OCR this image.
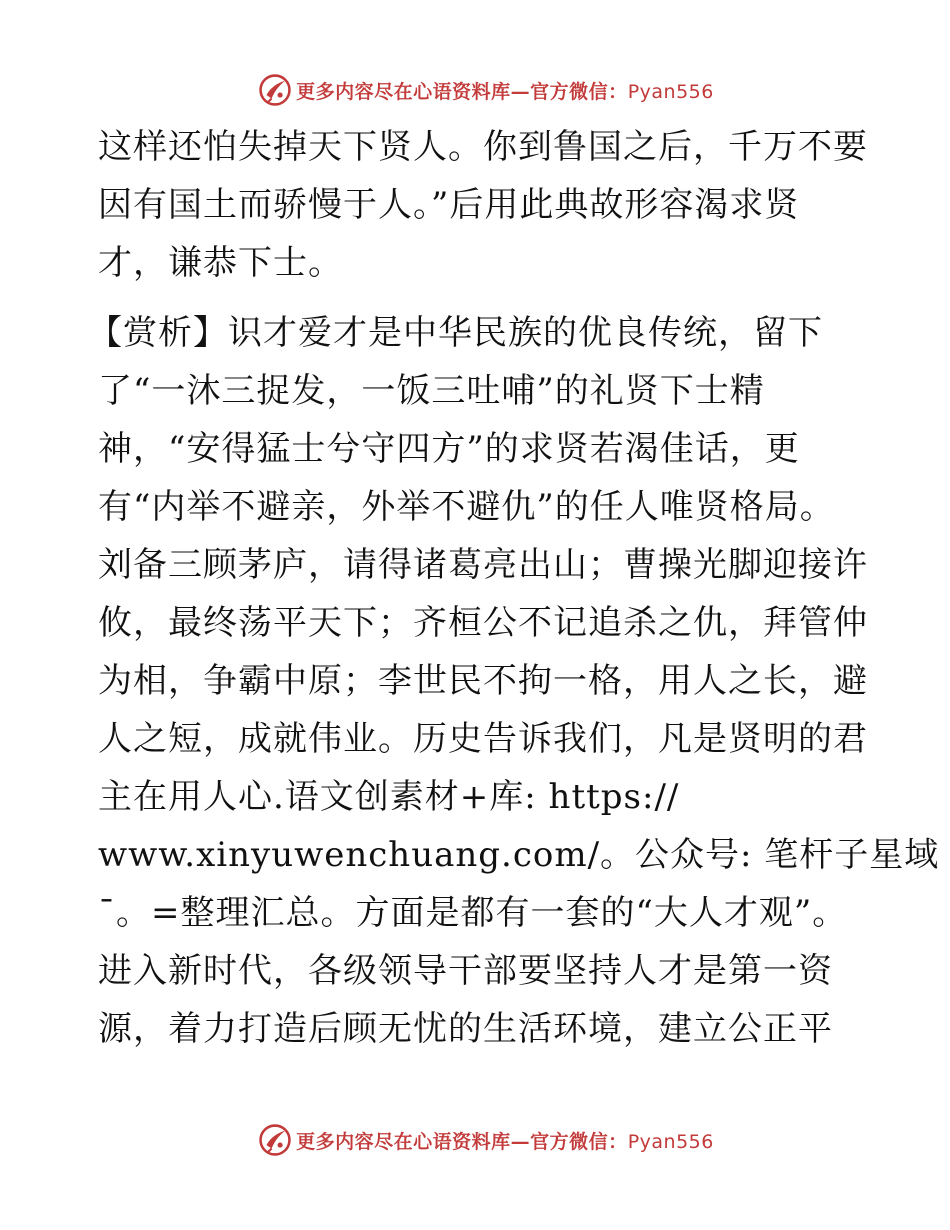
更多内容尽在心语资料库—官方微信：Pyan556
这样还怕失掉天下贤人。你到鲁国之后，千万不要
因有国土而骄慢于人。”后用此典故形容渴求贤
才，谦恭下士。
【赏析】识才爱才是中华民族的优良传统，留下
了“一沐三捉发，一饭三吐哺”的礼贤下士精
神，“安得猛士兮守四方”的求贤若渴佳话，更
有“内举不避亲，外举不避仇”的任人唯贤格局。
刘备三顾茅庐，请得诸葛亮出山；曹操光脚迎接许
攸，最终荡平天下；齐桓公不记追杀之仇，拜管仲
为相，争霸中原；李世民不拘一格，用人之长，避
人之短，成就伟业。历史告诉我们，凡是贤明的君
主在用人心.语文创素材+库: https://
www.xinyuwenchuang.com/。公众号: 笔杆子星域
¯。=整理汇总。方面是都有一套的“大人才观”。
进入新时代，各级领导干部要坚持人才是第一资
源，着力打造后顾无忧的生活环境，建立公正平
更多内容尽在心语资料库—官方微信：Pyan556
